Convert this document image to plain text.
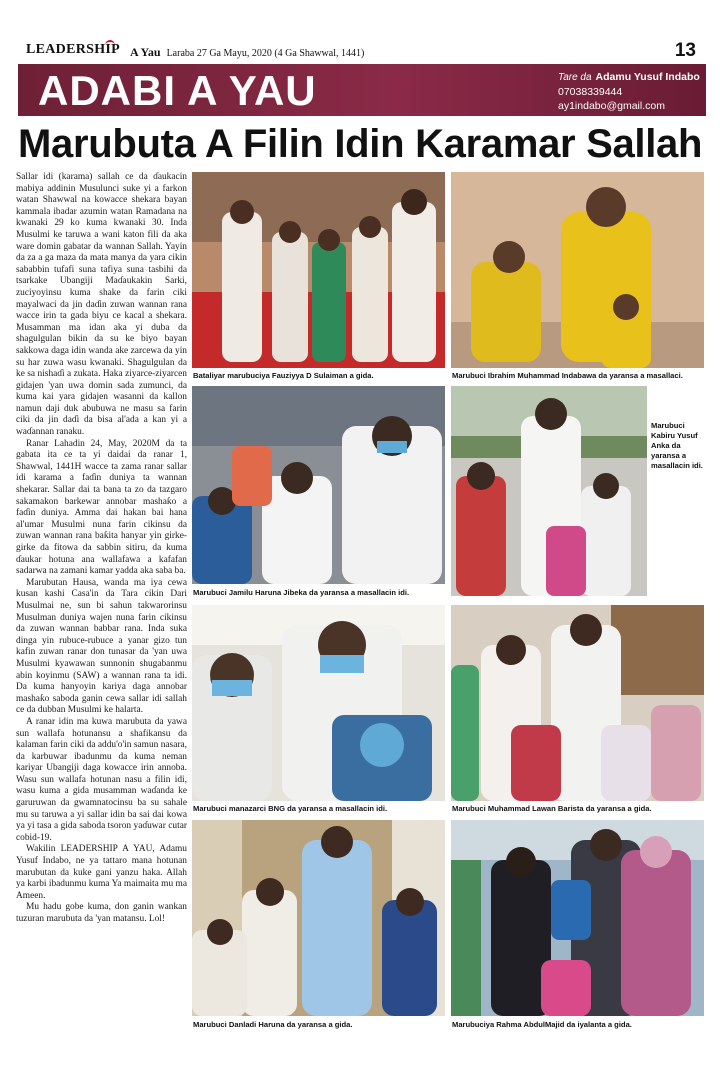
LEADERSHIP A Yau Laraba 27 Ga Mayu, 2020 (4 Ga Shawwal, 1441)	13
ADABI A YAU	Tare da Adamu Yusuf Indabo
07038339444
ay1indabo@gmail.com
Marubuta A Filin Idin Karamar Sallah

Sallar idi (karama) sallah ce da ɗaukacin mabiya addinin Musulunci suke yi a farkon watan Shawwal na kowacce shekara bayan kammala ibadar azumin watan Ramadana na kwanaki 29 ko kuma kwanaki 30. Inda Musulmi ke taruwa a wani katon fili da aka ware domin gabatar da wannan Sallah. Yayin da za a ga maza da mata manya da yara cikin sababbin tufafi suna tafiya suna tasbihi da tsarkake Ubangiji Maɗaukakin Sarki, zuciyoyinsu kuma shake da farin ciki mayalwaci da jin daɗin zuwan wannan rana wacce irin ta gada biyu ce kacal a shekara. Musamman ma idan aka yi duba da shagulgulan bikin da su ke biyo bayan sakkowa daga idin wanda ake zarcewa da yin su har zuwa wasu kwanaki. Shagulgulan da ke sa nishaɗi a zukata. Haka ziyarce-ziyarcen gidajen 'yan uwa domin sada zumunci, da kuma kai yara gidajen wasanni da kallon namun daji duk abubuwa ne masu sa farin ciki da jin daɗi da bisa al'ada a kan yi a waɗannan ranaku.

Ranar Lahadin 24, May, 2020M da ta gabata ita ce ta yi daidai da ranar 1, Shawwal, 1441H wacce ta zama ranar sallar idi karama a faɗin duniya ta wannan shekarar. Sallar dai ta bana ta zo da tazgaro sakamakon barkewar annobar mashaƙo a faɗin duniya. Amma dai hakan bai hana al'umar Musulmi nuna farin cikinsu da zuwan wannan rana baƙita hanyar yin girke-girke da fitowa da sabbin sitiru, da kuma ɗaukar hotuna ana wallafawa a kafafan sadarwa na zamani kamar yadda aka saba ba.

Marubutan Hausa, wanda ma iya cewa kusan kashi Casa'in da Tara cikin Dari Musulmai ne, sun bi sahun takwarorinsu Musulman duniya wajen nuna farin cikinsu da zuwan wannan babbar rana. Inda suka dinga yin rubuce-rubuce a yanar gizo tun kafin zuwan ranar don tunasar da 'yan uwa Musulmi kyawawan sunnonin shugabanmu abin koyinmu (SAW) a wannan rana ta idi. Da kuma hanyoyin kariya daga annobar mashaƙo saboda ganin cewa sallar idi sallah ce da dubban Musulmi ke halarta.

A ranar idin ma kuwa marubuta da yawa sun wallafa hotunansu a shafikansu da kalaman farin ciki da addu'o'in samun nasara, da karbuwar ibadunmu da kuma neman kariyar Ubangiji daga kowacce irin annoba. Wasu sun wallafa hotunan nasu a filin idi, wasu kuma a gida musamman waɗanda ke garuruwan da gwamnatocinsu ba su sahale mu su taruwa a yi sallar idin ba sai dai kowa ya yi tasa a gida saboda tsoron yaɗuwar cutar cobid-19.

Wakilin LEADERSHIP A YAU, Adamu Yusuf Indabo, ne ya tattaro mana hotunan marubutan da kuke gani yanzu haka. Allah ya karbi ibadunmu kuma Ya maimaita mu ma Ameen.

Mu hadu gobe kuma, don ganin wankan tuzuran marubuta da 'yan matansu. Lol!

Bataliyar marubuciya Fauziyya D Sulaiman a gida.	Marubuci Ibrahim Muhammad Indabawa da yaransa a masallaci.
Marubuci Jamilu Haruna Jibeka da yaransa a masallacin idi.
Marubuci Kabiru Yusuf Anka da yaransa a masallacin idi.
Marubuci manazarci BNG da yaransa a masallacin idi.	Marubuci Muhammad Lawan Barista da yaransa a gida.
Marubuci Danladi Haruna da yaransa a gida.	Marubuciya Rahma AbdulMajid da iyalanta a gida.
